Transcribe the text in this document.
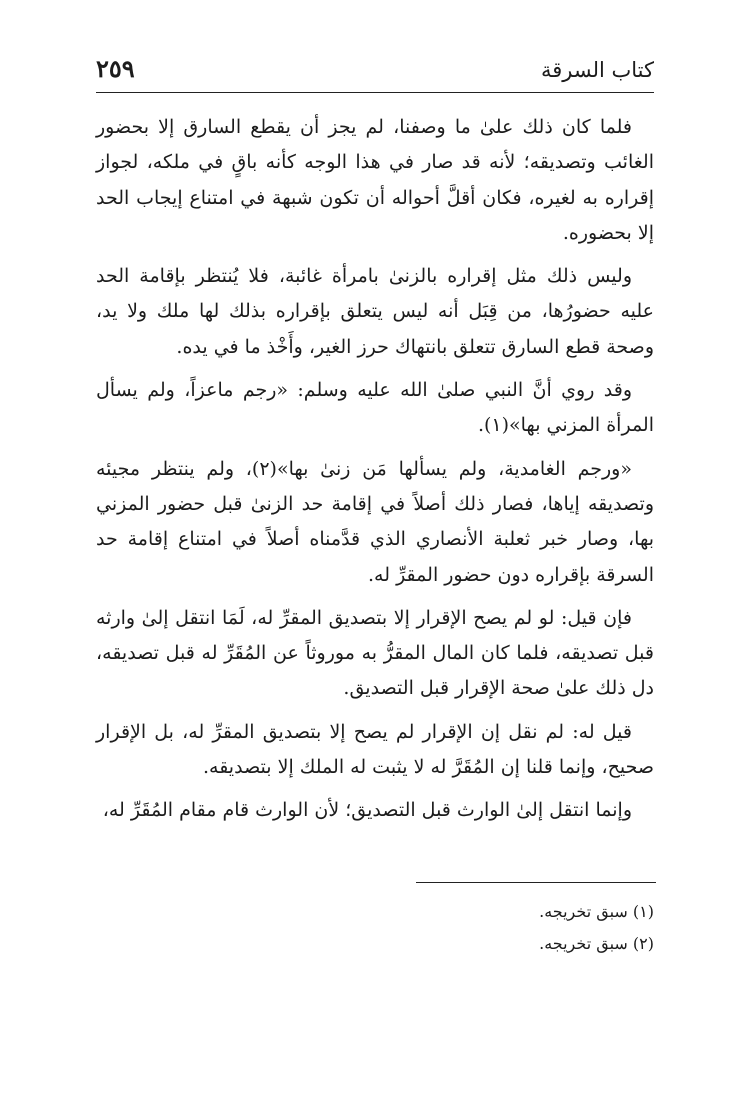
كتاب السرقة
٢٥٩

فلما كان ذلك علىٰ ما وصفنا، لم يجز أن يقطع السارق إلا بحضور الغائب وتصديقه؛ لأنه قد صار في هذا الوجه كأنه باقٍ في ملكه، لجواز إقراره به لغيره، فكان أقلَّ أحواله أن تكون شبهة في امتناع إيجاب الحد إلا بحضوره.

وليس ذلك مثل إقراره بالزنىٰ بامرأة غائبة، فلا يُنتظر بإقامة الحد عليه حضورُها، من قِبَل أنه ليس يتعلق بإقراره بذلك لها ملك ولا يد، وصحة قطع السارق تتعلق بانتهاك حرز الغير، وأَخْذ ما في يده.

وقد روي أنَّ النبي صلىٰ الله عليه وسلم: «رجم ماعزاً، ولم يسأل المرأة المزني بها»(١).

«ورجم الغامدية، ولم يسألها مَن زنىٰ بها»(٢)، ولم ينتظر مجيئه وتصديقه إياها، فصار ذلك أصلاً في إقامة حد الزنىٰ قبل حضور المزني بها، وصار خبر ثعلبة الأنصاري الذي قدَّمناه أصلاً في امتناع إقامة حد السرقة بإقراره دون حضور المقرِّ له.

فإن قيل: لو لم يصح الإقرار إلا بتصديق المقرِّ له، لَمَا انتقل إلىٰ وارثه قبل تصديقه، فلما كان المال المقرُّ به موروثاً عن المُقَرِّ له قبل تصديقه، دل ذلك علىٰ صحة الإقرار قبل التصديق.

قيل له: لم نقل إن الإقرار لم يصح إلا بتصديق المقرِّ له، بل الإقرار صحيح، وإنما قلنا إن المُقَرَّ له لا يثبت له الملك إلا بتصديقه.

وإنما انتقل إلىٰ الوارث قبل التصديق؛ لأن الوارث قام مقام المُقَرِّ له،

(١) سبق تخريجه.
(٢) سبق تخريجه.
